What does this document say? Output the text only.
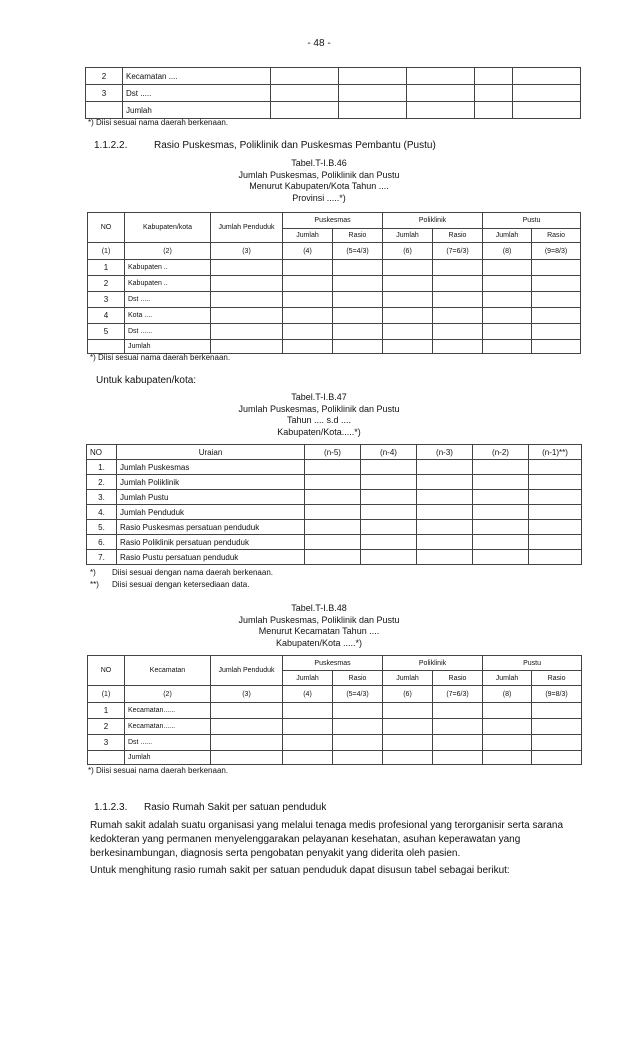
- 48 -
2	Kecamatan ....					
3	Dst .....					
	Jumlah					
*) Diisi sesuai nama daerah berkenaan.
1.1.2.2.	Rasio Puskesmas, Poliklinik dan Puskesmas Pembantu (Pustu)
Tabel.T-I.B.46
Jumlah Puskesmas, Poliklinik dan Pustu
Menurut Kabupaten/Kota Tahun ....
Provinsi .....*)
NO	Kabupaten/kota	Jumlah Penduduk	Puskesmas		Poliklinik		Pustu	
			Jumlah	Rasio	Jumlah	Rasio	Jumlah	Rasio
(1)	(2)	(3)	(4)	(5=4/3)	(6)	(7=6/3)	(8)	(9=8/3)
1	Kabupaten ..							
2	Kabupaten ..							
3	Dst .....							
4	Kota ....							
5	Dst ......							
	Jumlah							
*) Diisi sesuai nama daerah berkenaan.
Untuk kabupaten/kota:
Tabel.T-I.B.47
Jumlah Puskesmas, Poliklinik dan Pustu
Tahun .... s.d ....
Kabupaten/Kota.....*)
NO	Uraian	(n-5)	(n-4)	(n-3)	(n-2)	(n-1)**)
1.	Jumlah Puskesmas					
2.	Jumlah Poliklinik					
3.	Jumlah Pustu					
4.	Jumlah Penduduk					
5.	Rasio Puskesmas persatuan penduduk					
6.	Rasio Poliklinik persatuan penduduk					
7.	Rasio Pustu persatuan penduduk					
*) Diisi sesuai dengan nama daerah berkenaan.
**) Diisi sesuai dengan ketersediaan data.
Tabel.T-I.B.48
Jumlah Puskesmas, Poliklinik dan Pustu
Menurut Kecamatan Tahun ....
Kabupaten/Kota .....*)
NO	Kecamatan	Jumlah Penduduk	Puskesmas		Poliklinik		Pustu	
			Jumlah	Rasio	Jumlah	Rasio	Jumlah	Rasio
(1)	(2)	(3)	(4)	(5=4/3)	(6)	(7=6/3)	(8)	(9=8/3)
1	Kecamatan......							
2	Kecamatan......							
3	Dst ......							
	Jumlah							
*) Diisi sesuai nama daerah berkenaan.
1.1.2.3. Rasio Rumah Sakit per satuan penduduk
Rumah sakit adalah suatu organisasi yang melalui tenaga medis profesional yang terorganisir serta sarana kedokteran yang permanen menyelenggarakan pelayanan kesehatan, asuhan keperawatan yang berkesinambungan, diagnosis serta pengobatan penyakit yang diderita oleh pasien.
Untuk menghitung rasio rumah sakit per satuan penduduk dapat disusun tabel sebagai berikut:
